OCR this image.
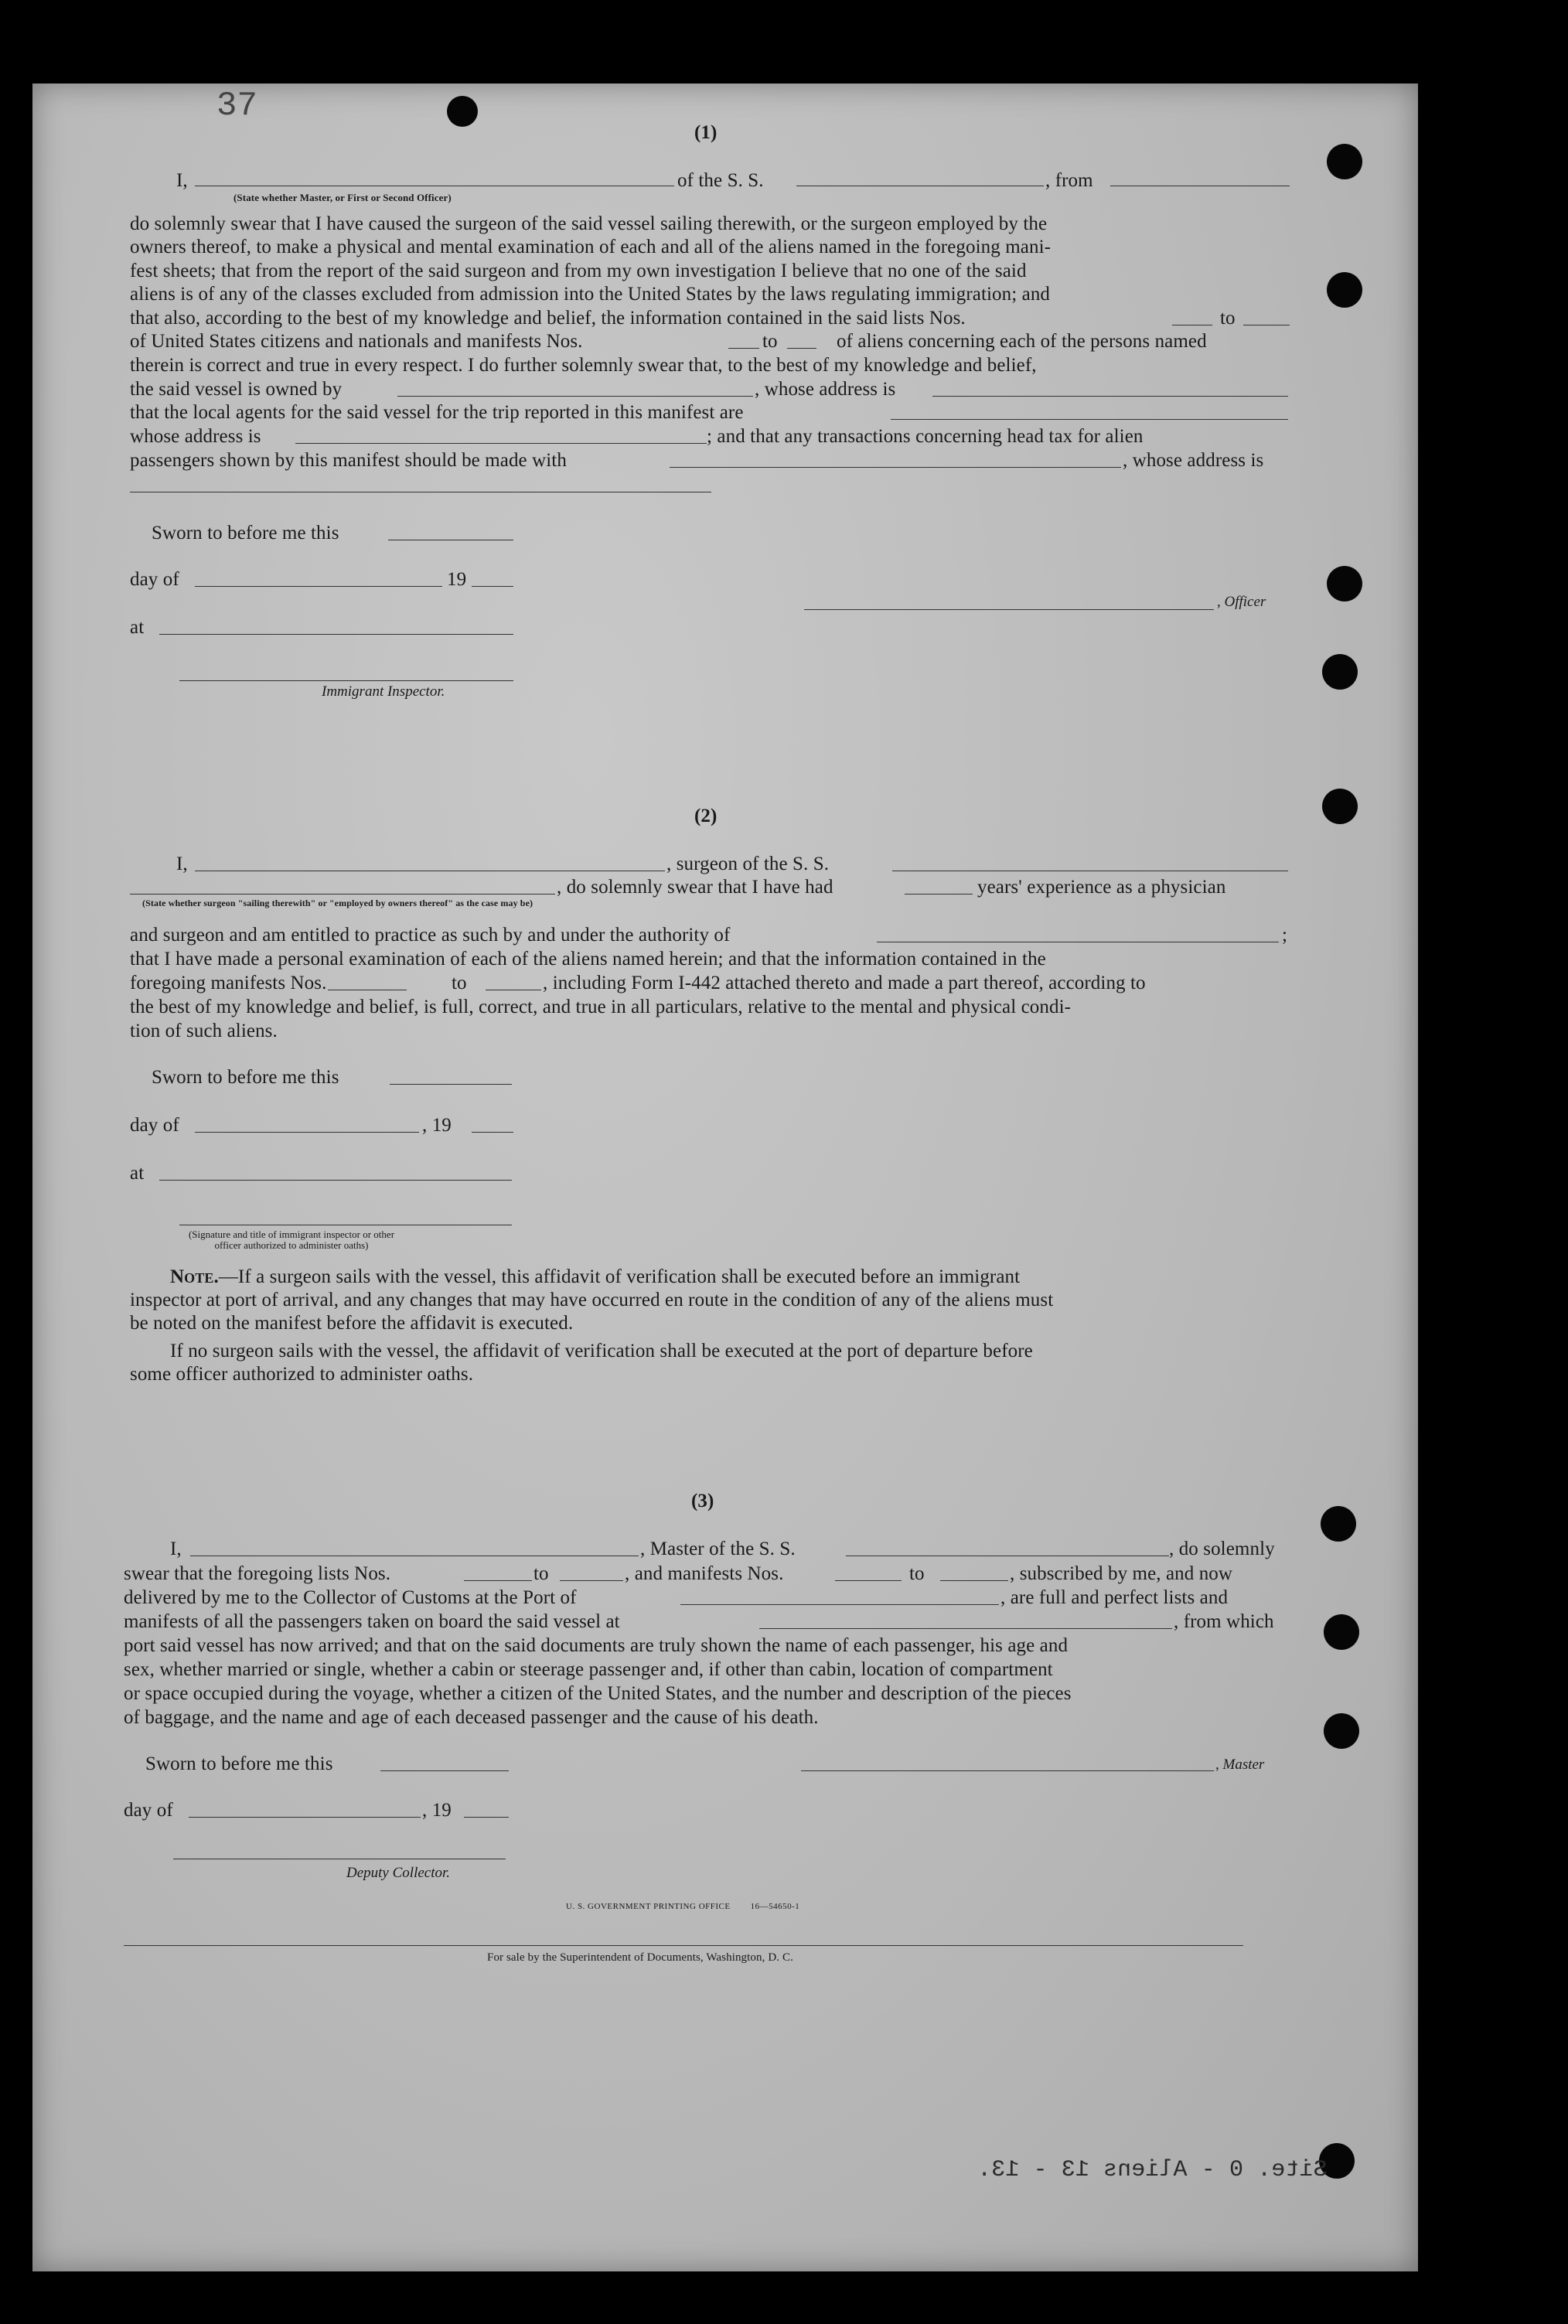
37
(1)
I,
(State whether Master, or First or Second Officer)
of the S. S.	, from
do solemnly swear that I have caused the surgeon of the said vessel sailing therewith, or the surgeon employed by the
owners thereof, to make a physical and mental examination of each and all of the aliens named in the foregoing mani-
fest sheets; that from the report of the said surgeon and from my own investigation I believe that no one of the said
aliens is of any of the classes excluded from admission into the United States by the laws regulating immigration; and
that also, according to the best of my knowledge and belief, the information contained in the said lists Nos.	to
of United States citizens and nationals and manifests Nos.	to	of aliens concerning each of the persons named
therein is correct and true in every respect. I do further solemnly swear that, to the best of my knowledge and belief,
the said vessel is owned by	, whose address is
that the local agents for the said vessel for the trip reported in this manifest are
whose address is	; and that any transactions concerning head tax for alien
passengers shown by this manifest should be made with	, whose address is
Sworn to before me this
day of	19
, Officer
at
Immigrant Inspector.
(2)
I,	, surgeon of the S. S.
, do solemnly swear that I have had	years' experience as a physician
(State whether surgeon "sailing therewith" or "employed by owners thereof" as the case may be)
and surgeon and am entitled to practice as such by and under the authority of	;
that I have made a personal examination of each of the aliens named herein; and that the information contained in the
foregoing manifests Nos.	to	, including Form I-442 attached thereto and made a part thereof, according to
the best of my knowledge and belief, is full, correct, and true in all particulars, relative to the mental and physical condi-
tion of such aliens.
Sworn to before me this
day of	, 19
at
(Signature and title of immigrant inspector or other officer authorized to administer oaths)
Note.—If a surgeon sails with the vessel, this affidavit of verification shall be executed before an immigrant
inspector at port of arrival, and any changes that may have occurred en route in the condition of any of the aliens must
be noted on the manifest before the affidavit is executed.
If no surgeon sails with the vessel, the affidavit of verification shall be executed at the port of departure before
some officer authorized to administer oaths.
(3)
I,	, Master of the S. S.	, do solemnly
swear that the foregoing lists Nos.	to	, and manifests Nos.	to	, subscribed by me, and now
delivered by me to the Collector of Customs at the Port of	, are full and perfect lists and
manifests of all the passengers taken on board the said vessel at	, from which
port said vessel has now arrived; and that on the said documents are truly shown the name of each passenger, his age and
sex, whether married or single, whether a cabin or steerage passenger and, if other than cabin, location of compartment
or space occupied during the voyage, whether a citizen of the United States, and the number and description of the pieces
of baggage, and the name and age of each deceased passenger and the cause of his death.
Sworn to before me this	, Master
day of	, 19
Deputy Collector.
U. S. GOVERNMENT PRINTING OFFICE        16—54650-1
For sale by the Superintendent of Documents, Washington, D. C.
Site. 0 - Aliens 13 - 13.
